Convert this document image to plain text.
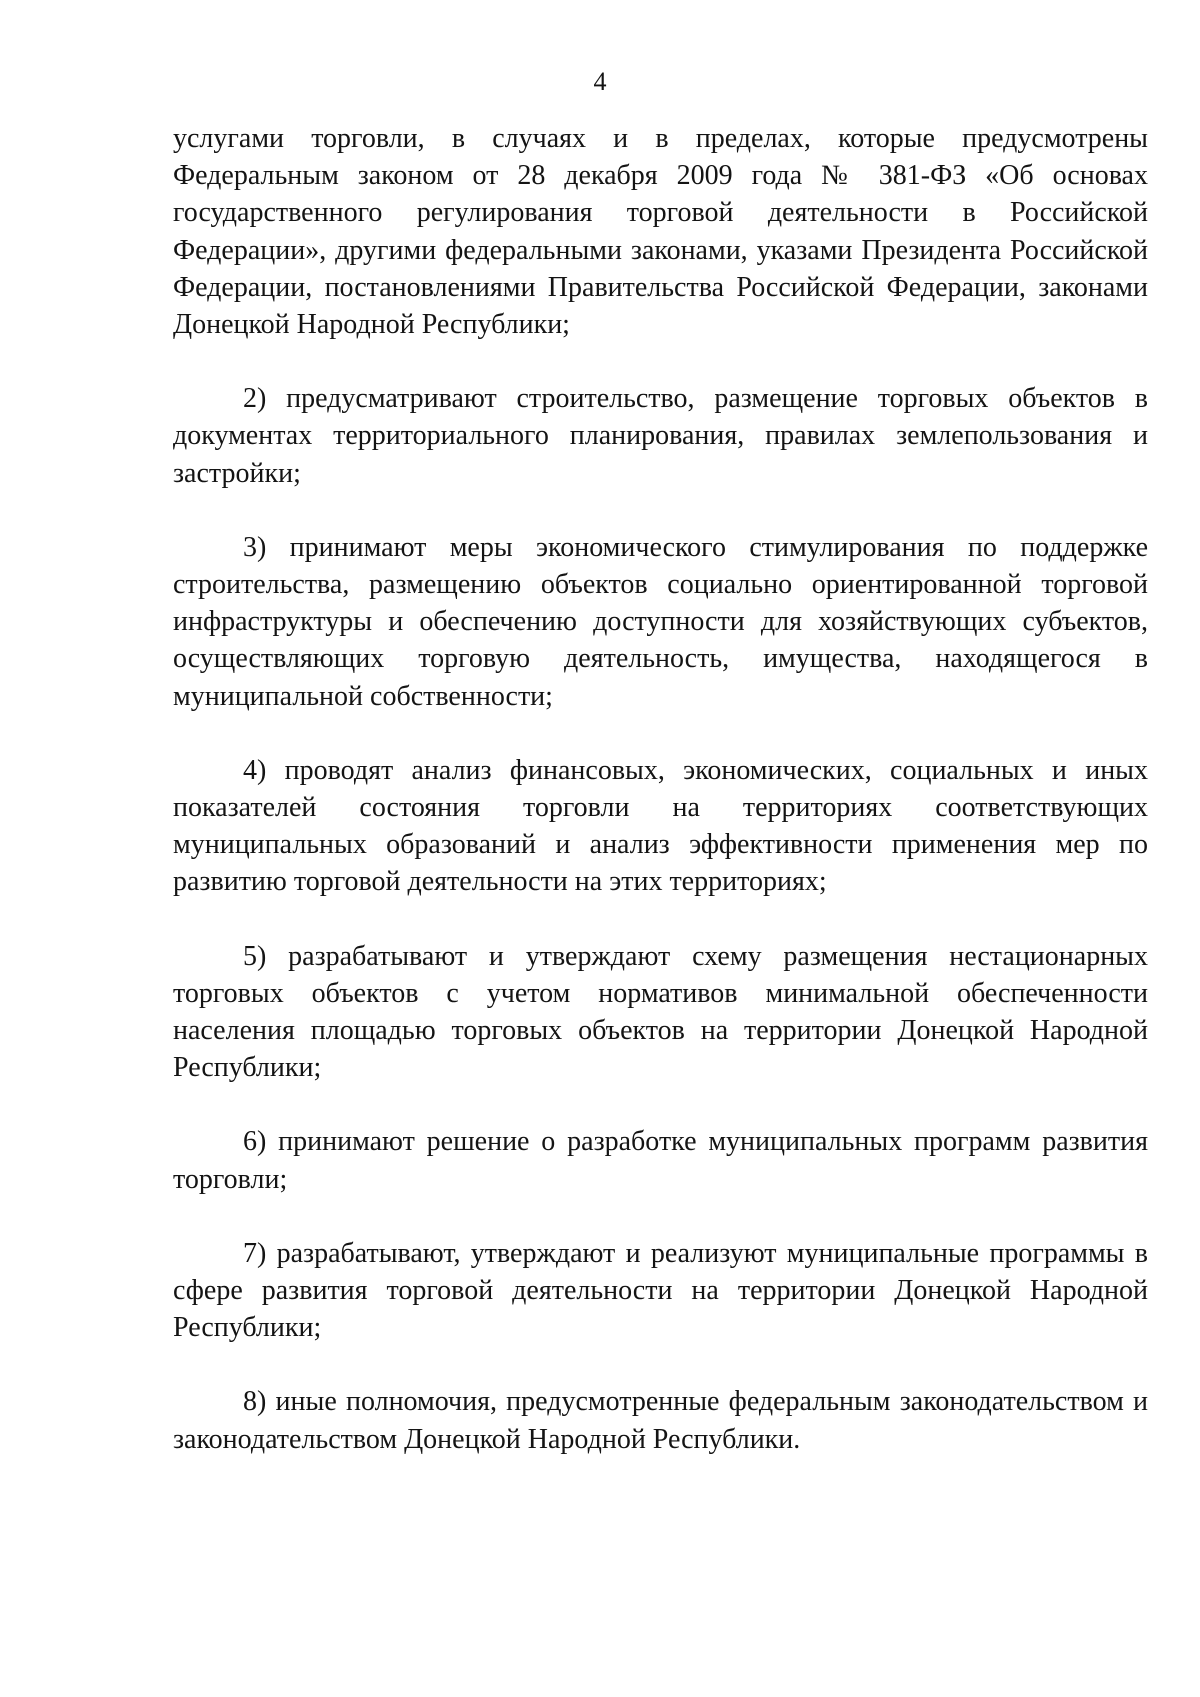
4

услугами торговли, в случаях и в пределах, которые предусмотрены Федеральным законом от 28 декабря 2009 года № 381-ФЗ «Об основах государственного регулирования торговой деятельности в Российской Федерации», другими федеральными законами, указами Президента Российской Федерации, постановлениями Правительства Российской Федерации, законами Донецкой Народной Республики;

2) предусматривают строительство, размещение торговых объектов в документах территориального планирования, правилах землепользования и застройки;

3) принимают меры экономического стимулирования по поддержке строительства, размещению объектов социально ориентированной торговой инфраструктуры и обеспечению доступности для хозяйствующих субъектов, осуществляющих торговую деятельность, имущества, находящегося в муниципальной собственности;

4) проводят анализ финансовых, экономических, социальных и иных показателей состояния торговли на территориях соответствующих муниципальных образований и анализ эффективности применения мер по развитию торговой деятельности на этих территориях;

5) разрабатывают и утверждают схему размещения нестационарных торговых объектов с учетом нормативов минимальной обеспеченности населения площадью торговых объектов на территории Донецкой Народной Республики;

6) принимают решение о разработке муниципальных программ развития торговли;

7) разрабатывают, утверждают и реализуют муниципальные программы в сфере развития торговой деятельности на территории Донецкой Народной Республики;

8) иные полномочия, предусмотренные федеральным законодательством и законодательством Донецкой Народной Республики.
